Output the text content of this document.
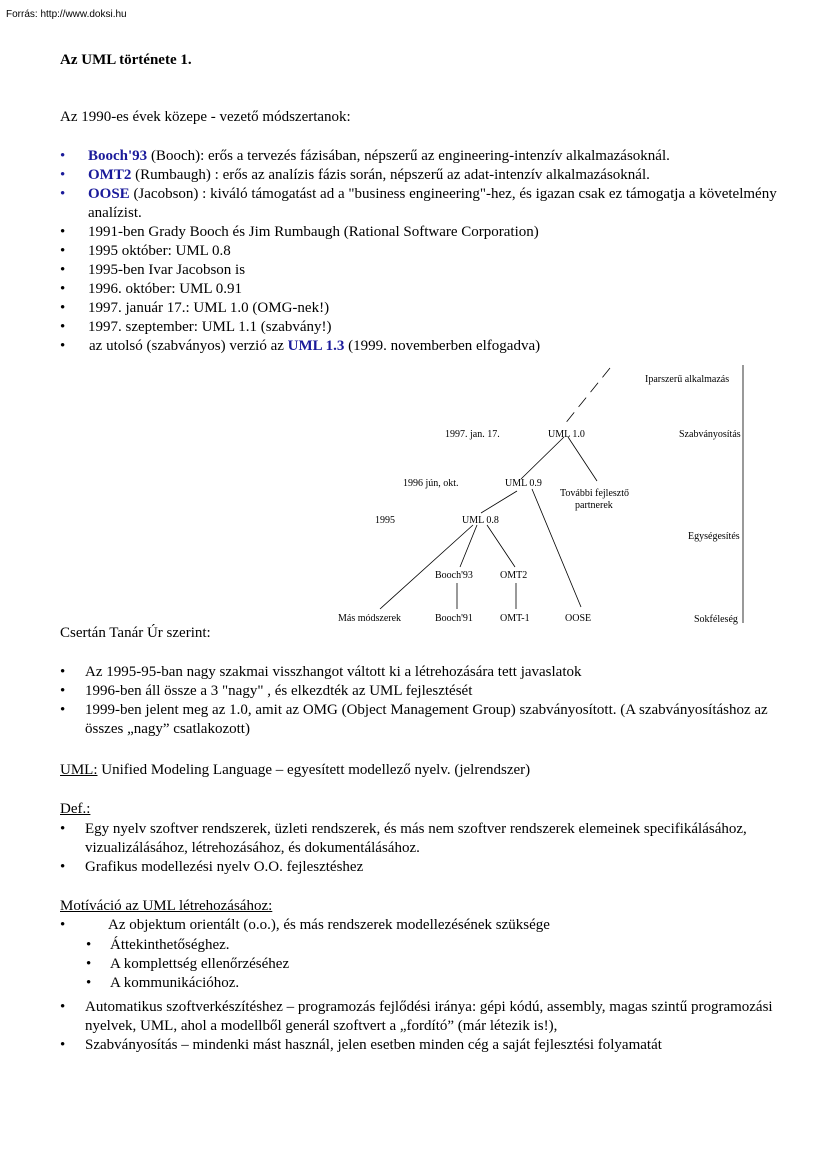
Forrás: http://www.doksi.hu
Az UML története 1.
Az 1990-es évek közepe - vezető módszertanok:
•	Booch'93 (Booch): erős a tervezés fázisában, népszerű az engineering-intenzív alkalmazásoknál.
•	OMT2 (Rumbaugh) : erős az analízis fázis során, népszerű az adat-intenzív alkalmazásoknál.
•	OOSE (Jacobson) : kiváló támogatást ad a "business engineering"-hez, és igazan csak ez támogatja a követelmény analízist.
•	1991-ben Grady Booch és Jim Rumbaugh (Rational Software Corporation)
•	1995 október: UML 0.8
•	1995-ben Ivar Jacobson is
•	1996. október: UML 0.91
•	1997. január 17.: UML 1.0 (OMG-nek!)
•	1997. szeptember: UML 1.1 (szabvány!)
•	az utolsó (szabványos) verzió az UML 1.3 (1999. novemberben elfogadva)
Iparszerű alkalmazás
Szabványosítás
Egységesítés
Sokféleség
1997. jan. 17.
1996 jún, okt.
1995
UML 1.0
UML 0.9
További fejlesztő
partnerek
UML 0.8
Booch'93	OMT2
Más módszerek	Booch'91	OMT-1	OOSE
Csertán Tanár Úr szerint:
•	Az 1995-95-ban nagy szakmai visszhangot váltott ki a létrehozására tett javaslatok
•	1996-ben áll össze a 3 "nagy" , és elkezdték az UML fejlesztését
•	1999-ben jelent meg az 1.0, amit az OMG (Object Management Group) szabványosított. (A szabványosításhoz az összes „nagy” csatlakozott)
UML: Unified Modeling Language – egyesített modellező nyelv. (jelrendszer)
Def.:
•	Egy nyelv szoftver rendszerek, üzleti rendszerek, és más nem szoftver rendszerek elemeinek specifikálásához, vizualizálásához, létrehozásához, és dokumentálásához.
•	Grafikus modellezési nyelv O.O. fejlesztéshez
Motíváció az UML létrehozásához:
•	Az objektum orientált (o.o.), és más rendszerek modellezésének szüksége
•	Áttekinthetőséghez.
•	A komplettség ellenőrzéséhez
•	A kommunikációhoz.
•	Automatikus szoftverkészítéshez – programozás fejlődési iránya: gépi kódú, assembly, magas szintű programozási nyelvek, UML, ahol a modellből generál szoftvert a „fordító” (már létezik is!),
•	Szabványosítás – mindenki mást használ, jelen esetben minden cég a saját fejlesztési folyamatát
